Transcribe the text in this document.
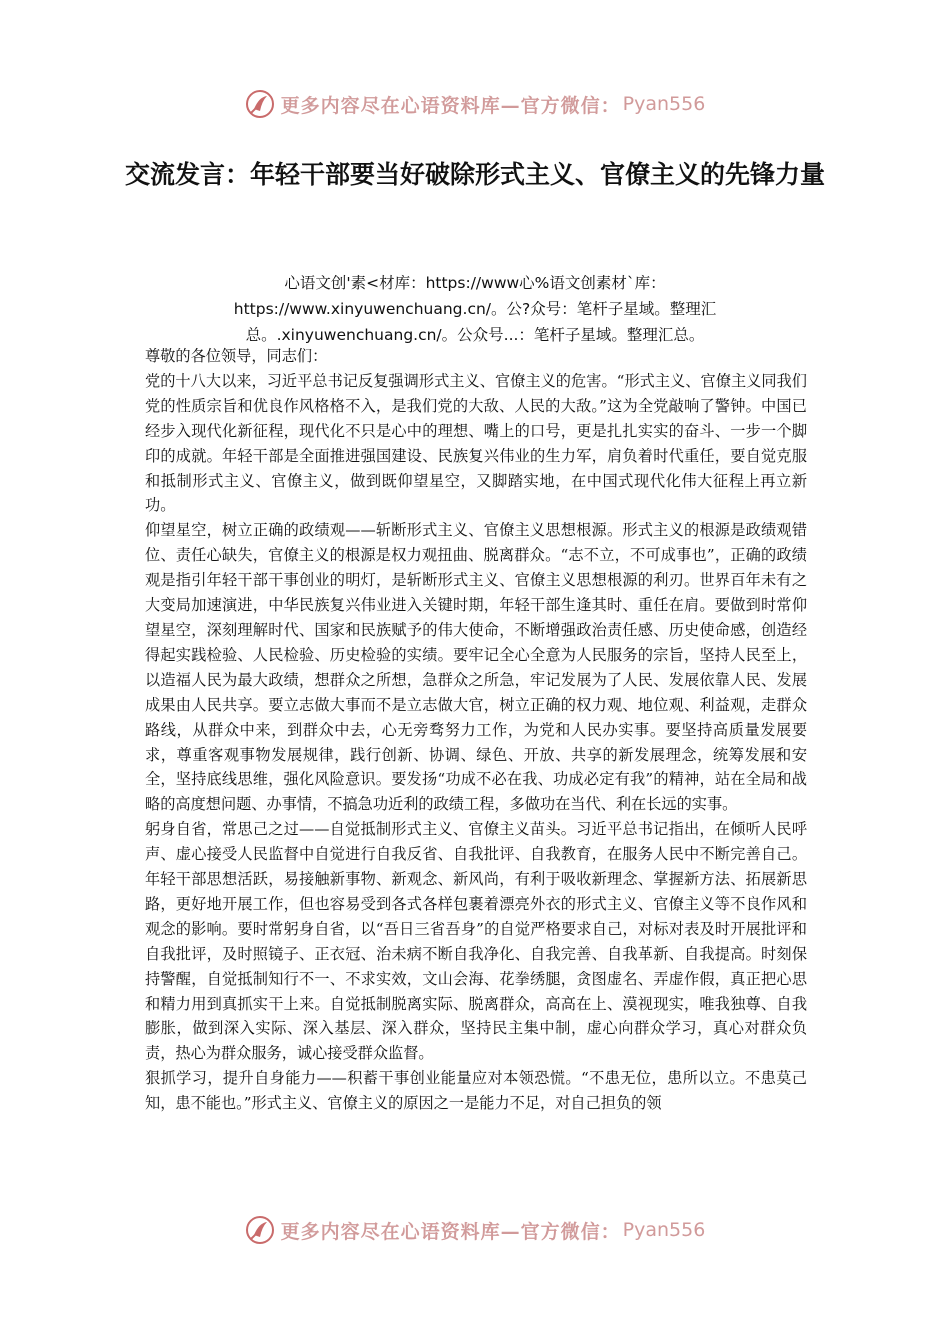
更多内容尽在心语资料库—官方微信： Pyan556
交流发言：年轻干部要当好破除形式主义、官僚主义的先锋力量
心语文创'素<材库：https://www心%语文创素材`库：https://www.xinyuwenchuang.cn/。公?众号：笔杆子星域。整理汇总。.xinyuwenchuang.cn/。公众号...：笔杆子星域。整理汇总。

尊敬的各位领导，同志们：

党的十八大以来，习近平总书记反复强调形式主义、官僚主义的危害。“形式主义、官僚主义同我们党的性质宗旨和优良作风格格不入，是我们党的大敌、人民的大敌。”这为全党敲响了警钟。中国已经步入现代化新征程，现代化不只是心中的理想、嘴上的口号，更是扎扎实实的奋斗、一步一个脚印的成就。年轻干部是全面推进强国建设、民族复兴伟业的生力军，肩负着时代重任，要自觉克服和抵制形式主义、官僚主义，做到既仰望星空，又脚踏实地，在中国式现代化伟大征程上再立新功。

仰望星空，树立正确的政绩观——斩断形式主义、官僚主义思想根源。形式主义的根源是政绩观错位、责任心缺失，官僚主义的根源是权力观扭曲、脱离群众。“志不立，不可成事也”，正确的政绩观是指引年轻干部干事创业的明灯，是斩断形式主义、官僚主义思想根源的利刃。世界百年未有之大变局加速演进，中华民族复兴伟业进入关键时期，年轻干部生逢其时、重任在肩。要做到时常仰望星空，深刻理解时代、国家和民族赋予的伟大使命，不断增强政治责任感、历史使命感，创造经得起实践检验、人民检验、历史检验的实绩。要牢记全心全意为人民服务的宗旨，坚持人民至上，以造福人民为最大政绩，想群众之所想，急群众之所急，牢记发展为了人民、发展依靠人民、发展成果由人民共享。要立志做大事而不是立志做大官，树立正确的权力观、地位观、利益观，走群众路线，从群众中来，到群众中去，心无旁骛努力工作，为党和人民办实事。要坚持高质量发展要求，尊重客观事物发展规律，践行创新、协调、绿色、开放、共享的新发展理念，统筹发展和安全，坚持底线思维，强化风险意识。要发扬“功成不必在我、功成必定有我”的精神，站在全局和战略的高度想问题、办事情，不搞急功近利的政绩工程，多做功在当代、利在长远的实事。

躬身自省，常思己之过——自觉抵制形式主义、官僚主义苗头。习近平总书记指出，在倾听人民呼声、虚心接受人民监督中自觉进行自我反省、自我批评、自我教育，在服务人民中不断完善自己。年轻干部思想活跃，易接触新事物、新观念、新风尚，有利于吸收新理念、掌握新方法、拓展新思路，更好地开展工作，但也容易受到各式各样包裹着漂亮外衣的形式主义、官僚主义等不良作风和观念的影响。要时常躬身自省，以“吾日三省吾身”的自觉严格要求自己，对标对表及时开展批评和自我批评，及时照镜子、正衣冠、治未病不断自我净化、自我完善、自我革新、自我提高。时刻保持警醒，自觉抵制知行不一、不求实效，文山会海、花拳绣腿，贪图虚名、弄虚作假，真正把心思和精力用到真抓实干上来。自觉抵制脱离实际、脱离群众，高高在上、漠视现实，唯我独尊、自我膨胀，做到深入实际、深入基层、深入群众，坚持民主集中制，虚心向群众学习，真心对群众负责，热心为群众服务，诚心接受群众监督。

狠抓学习，提升自身能力——积蓄干事创业能量应对本领恐慌。“不患无位，患所以立。不患莫己知，患不能也。”形式主义、官僚主义的原因之一是能力不足，对自己担负的领

更多内容尽在心语资料库—官方微信： Pyan556
